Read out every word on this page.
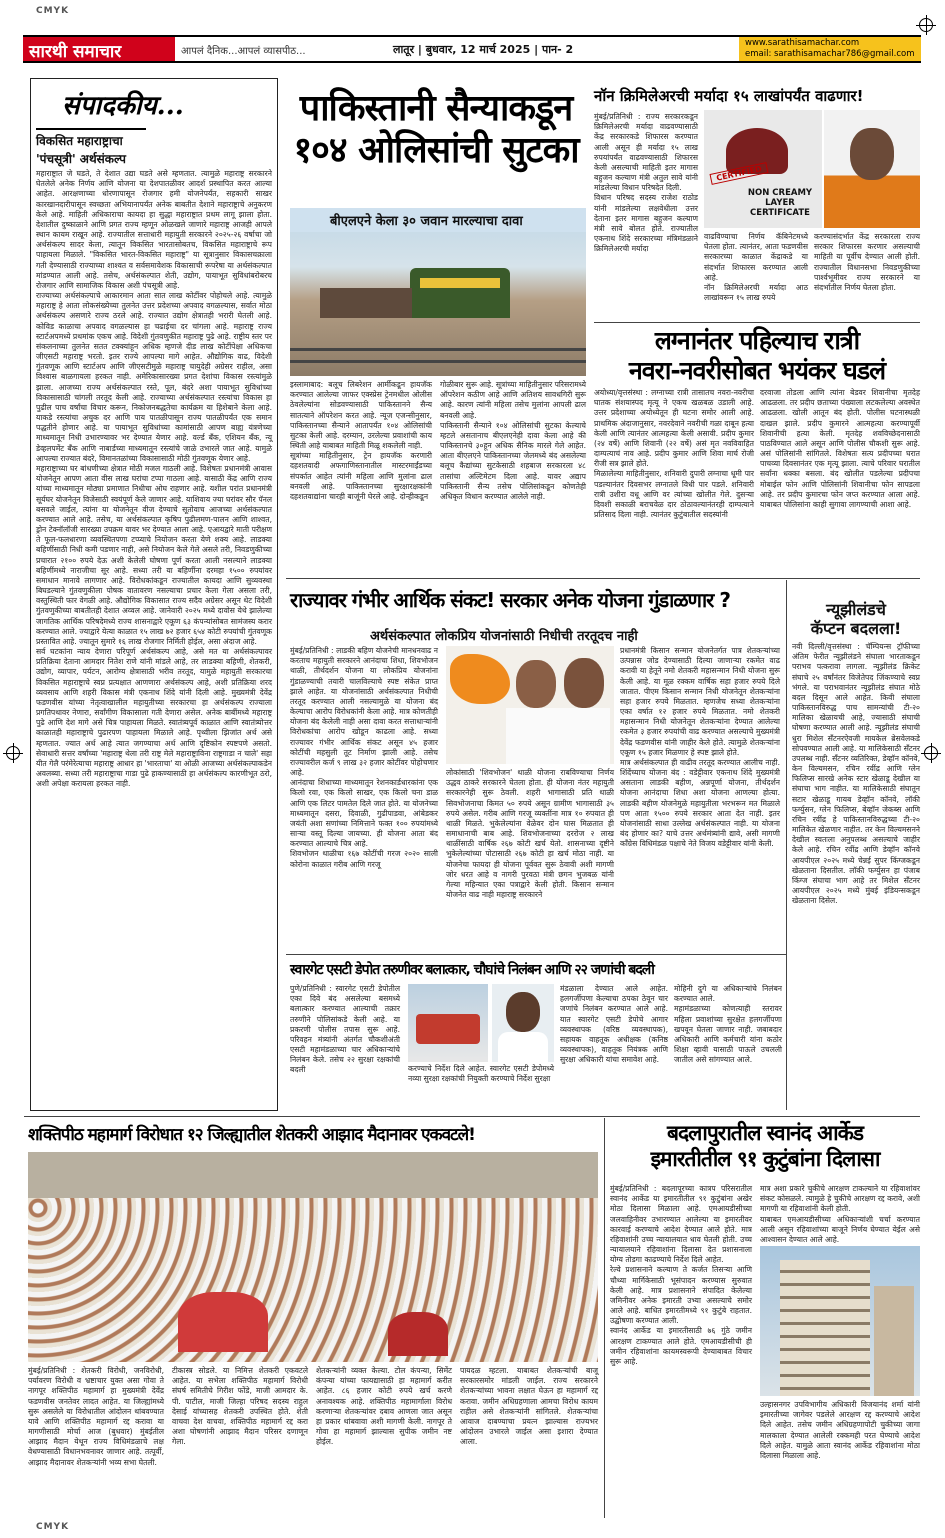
CMYK
CMYK
सारथी समाचार	आपलं दैनिक...आपलं व्यासपीठ...	लातूर | बुधवार, 12 मार्च 2025 | पान- 2	www.sarathisamachar.com
email: sarathisamachar786@gmail.com
संपादकीय...
विकसित महाराष्ट्राचा
'पंचसूत्री' अर्थसंकल्प
महाराष्ट्रात जे घडते, ते देशात उद्या घडते असे म्हणतात. त्यामुळे महाराष्ट्र सरकारने घेतलेले अनेक निर्णय आणि योजना या देशपातळीवर आदर्श प्रस्थापित करत आल्या आहेत. आरक्षणाच्या धोरणापासून रोजगार हमी योजनेपर्यंत, सहकारी साखर कारखानदारीपासून स्वच्छता अभियानापर्यंत अनेक बाबतीत देशाने महाराष्ट्राचे अनुकरण केले आहे. माहिती अधिकाराचा कायदा हा सुद्धा महाराष्ट्रात प्रथम लागू झाला होता. देशातील दुष्काळाने आणि प्रगत राज्य म्हणून ओळखले जाणारे महाराष्ट्र आजही आपले स्थान कायम राखून आहे. राज्यातील सत्ताधारी महायुती सरकारने २०२५-२६ वर्षाचा जो अर्थसंकल्प सादर केला, त्यातून विकसित भारतासोबतच, विकसित महाराष्ट्राचे रूप पाहायला मिळाले. "विकसित भारत-विकसित महाराष्ट्र" या सूत्रानुसार विकासचक्राला गती देण्यासाठी राज्याच्या शाश्वत व सर्वसमावेशक विकासाची रूपरेषा या अर्थसंकल्पात मांडण्यात आली आहे. तसेच, अर्थसंकल्पात शेती, उद्योग, पायाभूत सुविधांबरोबरच रोजगार आणि सामाजिक विकास अशी पंचसूत्री आहे.
राज्याच्या अर्थसंकल्पाचे आकारमान आता सात लाख कोटींवर पोहोचले आहे. त्यामुळे महाराष्ट्र हे आता लोकसंख्येच्या तुलनेत उत्तर प्रदेशच्या अपवाद वगळल्यास, सर्वात मोठा अर्थसंकल्प असणारे राज्य ठरले आहे. राज्यात उद्योग क्षेत्रातही भरारी घेतली आहे. कोविड काळाचा अपवाद वगळल्यास हा चढाईचा दर चांगला आहे. महाराष्ट्र राज्य स्टार्टअपमध्ये प्रथमांक एकच आहे. विदेशी गुंतवणुकीत महाराष्ट्र पुढे आहे. राष्ट्रीय स्तर पर संकलनाच्या तुलनेत सतत टक्क्यांहून अधिक म्हणजे दीड लाख कोटींपेक्षा अधिकचा जीएसटी महाराष्ट्र भरतो. इतर राज्ये आपल्या मागे आहेत. औद्योगिक वाढ, विदेशी गुंतवणूक आणि स्टार्टअप आणि जीएसटीमुळे महाराष्ट्र चायुदेही अग्रेसर राहील, असा विश्वास बाळगायला हरकत नाही. अमेरिकासारख्या प्रगत देशांचा विकास रस्त्यांमुळे झाला. आजच्या राज्य अर्थसंकल्पात रस्ते, पूल, बंदरे अशा पायाभूत सुविधांच्या विकासासाठी चांगली तरतूद केली आहे. राज्याच्या अर्थसंकल्पात रस्त्यांचा विकास हा पुढील पाच वर्षांचा विचार करून, निकोजनबद्धतेचा कार्यक्रम या हिशेबाने केला आहे. याकडे रस्त्यांचा अचुक दर आणि पाय पातळीपासून राज्य पातळीपर्यंत एक समान पद्धतीने होणार आहे. या पायाभूत सुविधांच्या कामांसाठी आपण बाह्य यंत्रणेच्या माध्यमातून निधी उभारण्यावर भर देण्यात येणार आहे. वर्ल्ड बँक, एशियन बँक, न्यू डेव्हलपमेंट बँक आणि नाबार्डच्या माध्यमातून रस्त्यांचे जाळे उभारले जात आहे. यामुळे आपल्या राज्यात बंदरे, विमानतळांच्या विकासासाठी मोठी गुंतवणूक येणार आहे.
महाराष्ट्राच्या घर बांधणीच्या क्षेत्रात मोठी मजल गाठली आहे. विशेषतः प्रधानमंत्री आवास योजनेतून आपण आता वीस लाख घरांचा टप्पा गाठला आहे. यासाठी केंद्र आणि राज्य यांच्या माध्यमातून मोठ्या प्रमाणात निधीचा ओघ राहणार आहे. यशील परांत प्रधानमंत्री सूर्यघर योजनेतून विजेसाठी स्वयंपूर्ण केले जाणार आहे. याशिवाय ज्या घरांवर सौर पॅनल बसवले जाईल, त्यांना या योजनेतून वीज देण्याचे सूतोवाच आजच्या अर्थसंकल्पात करण्यात आले आहे. तसेच, या अर्थसंकल्पात कृषिप पुढीलमण-पालन आणि शाश्वत, ड्रोन टेक्नॉलॉजी सारख्या उपक्रम यावर भर देण्यात आला आहे. एआयद्वारे माती परीक्षण ते फूल-फलधारणा व्यवस्थितपणा टप्प्याचे नियोजन करता येणे शक्य आहे. लाडक्या बहिणींसाठी निधी कमी पडणार नाही, असे नियोजन केले गेले असले तरी, निवडणुकीच्या प्रचारात २१०० रुपये देऊ अशी केलेली घोषणा पूर्ण करता आली नसल्याने लाडक्या बहिणींमध्ये नाराजीचा सूर आहे. सध्या तरी या बहिणींना दरमहा १५०० रुपयांवर समाधान मानावे लागणार आहे. विरोधकांकडून राज्यातील कायदा आणि सुव्यवस्था बिघडल्याने गुंतवणुकीला पोषक वातावरण नसल्याचा प्रचार केला गेला असला तरी, वस्तुस्थिती फार वेगळी आहे. औद्योगिक विकासात राज्य सदैव अग्रेसर असून थेट विदेशी गुंतवणुकीच्या बाबतीतही देशात अव्वल आहे. जानेवारी २०२५ मध्ये दावोस येथे झालेल्या जागतिक आर्थिक परिषदेमध्ये राज्य शासनाद्वारे एकूण ६३ कंपन्यांसोबत सामंजस्य करार करण्यात आले. ज्याद्वारे येत्या काळात १५ लाख ७२ हजार ६५४ कोटी रुपयांची गुंतवणूक प्रस्तावित आहे. ज्यातून सुमारे १६ लाख रोजगार निर्मिती होईल, असा अंदाज आहे.
सर्व घटकांना न्याय देणारा परिपूर्ण अर्थसंकल्प आहे, असे मत या अर्थसंकल्पावर प्रतिक्रिया देताना आमदार नितेश राणे यांनी मांडले आहे, तर लाडक्या बहिणी, शेतकरी, उद्योग, व्यापार, पर्यटन, आरोग्य क्षेत्रासाठी भरीव तरतूद, यामुळे महायुती सरकारचा विकसित महाराष्ट्राचे स्वप्न प्रत्यक्षात आणणारा अर्थसंकल्प आहे, अशी प्रतिक्रिया शरद व्यवसाय आणि शहरी विकास मंत्री एकनाथ शिंदे यांनी दिली आहे. मुख्यमंत्री देवेंद्र फडणवीस यांच्या नेतृत्वाखालील महायुतीच्या सरकारचा हा अर्थसंकल्प राज्याला प्रगतिपथावर नेणारा, सर्वांगीण विकासाला गती देणारा असेल. अनेक बाबींमध्ये महाराष्ट्र पुढे आणि देश मागे असे चित्र पाहायला मिळते. स्वातंत्र्यपूर्व काळात आणि स्वातंत्र्योत्तर काळातही महाराष्ट्राचे पुढारपण पाहायला मिळाले आहे. पृथ्वीला झिजांत अर्थ असे म्हणतात. ज्यात अर्थ आहे त्यात जगण्याचा अर्थ आणि दृष्टिकोन स्पष्टपणे असतो. सेवाधारी सत्तर वर्षांच्या 'महाराष्ट्र थेला तरी राष्ट्र मेले महाराष्ट्राविना राष्ट्रगाडा न चाले' सहा यीत गेलै परंमेरेत्याचा महाराष्ट्र आधार हा 'भारताचा' या ओळी आजच्या अर्थसंकल्पाकडेन अवलब्या. सध्या तरी महाराष्ट्राचा गाडा पुढे हाकण्यासाठी हा अर्थसंकल्प कारणीभूत ठरो, अशी अपेक्षा करायला हरकत नाही.
पाकिस्तानी सैन्याकडून
१०४ ओलिसांची सुटका
बीएलएने केला ३० जवान मारल्याचा दावा
इस्लामाबाद: बलूच लिबरेशन आर्मीकडून हायजॅक करण्यात आलेल्या जाफर एक्स्प्रेस ट्रेनमधील ओलीस ठेवलेल्यांना सोडवण्यासाठी पाकिस्तानने सैन्य सातत्याने ऑपरेशन करत आहे. न्यूज एजन्सीनुसार, पाकिस्तानच्या सैन्याने आतापर्यंत १०४ ओलिसांची सुटका केली आहे. दरम्यान, उरलेल्या प्रवाशांची काय स्थिती आहे याबाबत माहिती मिळू शकलेली नाही.
सूत्रांच्या माहितीनुसार, ट्रेन हायजॅक करणारी दहशतवादी अफगाणिस्तानातील मास्टरमाईंडच्या संपर्कात आहेत त्यांनी महिला आणि मुलांना ढाल बनवली आहे. पाकिस्तानच्या सुरक्षारक्षकांनी दहशतवाद्यांना चारही बाजूंनी घेरले आहे. दोन्हीकडून
गोळीबार सुरू आहे. सूत्रांच्या माहितीनुसार परिसरामध्ये ऑपरेशन कठीण आहे आणि अतिशय सावधगिरी सुरू आहे. कारण त्यांनी महिला तसेच मुलांना आपली ढाल बनवली आहे.
पाकिस्तानी सैन्याने १०४ ओलिसांची सुटका केल्याचे म्हटले असतानाच बीएलएनेही दावा केला आहे की पाकिस्तानचे ३०हून अधिक सैनिक मारले गेले आहेत. आता बीएलएने पाकिस्तानच्या जेलमध्ये बंद असलेल्या बलूच कैद्यांच्या सुटकेसाठी शहबाज सरकारला ४८ तासांचा अल्टिमेटम दिला आहे. यावर अद्याप पाकिस्तानी सैन्य तसेच पोलिसांकडून कोणतेही अधिकृत विधान करण्यात आलेले नाही.
नॉन क्रिमिलेअरची मर्यादा १५ लाखांपर्यंत वाढणार!
मुंबई/प्रतिनिधी : राज्य सरकारकडून क्रिमिलेअरची मर्यादा वाढवण्यासाठी केंद्र सरकारकडे शिफारस करण्यात आली असून ही मर्यादा १५ लाख रुपयांपर्यंत वाढवण्यासाठी शिफारस केली असल्याची माहिती इतर मागास बहुजन कल्याण मंत्री अतुल सावे यांनी मांडलेल्या विधान परिषदेत दिली.
विधान परिषद सदस्य राजेश राठोड यांनी मांडलेल्या लक्षवेधीला उत्तर देताना इतर मागास बहुजन कल्याण मंत्री सावे बोलत होते. राज्यातील एकनाथ शिंदे सरकारच्या मंत्रिमंडळाने क्रिमिलेअरची मर्यादा
CERTIFIED
NON CREAMY
LAYER
CERTIFICATE
वाढविण्याचा निर्णय कॅबिनेटमध्ये घेतला होता. त्यानंतर, आता फडणवीस सरकारच्या काळात केंद्राकडे या संदर्भात शिफारस करण्यात आली आहे.
नॉन क्रिमिलेअरची मर्यादा आठ लाखांवरून १५ लाख रुपये
करण्यासंदर्भात केंद्र सरकारला राज्य सरकार शिफारस करणार असल्याची माहिती या पूर्वीच देण्यात आली होती. राज्यातील विधानसभा निवडणुकीच्या पार्श्वभूमीवर राज्य सरकारने या संदर्भातील निर्णय घेतला होता.
लग्नानंतर पहिल्याच रात्री
नवरा-नवरीसोबत भयंकर घडलं
अयोध्या/वृत्तसंस्था : लग्नाच्या रात्री तासातच नवरा-नवरीचा घातक संशयास्पद मृत्यू ने एकच खळबळ उडाली आहे. उत्तर प्रदेशाच्या अयोध्येतून ही घटना समोर आली आहे. प्राथमिक अंदाजानुसार, नवरदेवाने नवरीची गळा दाबून हत्या केली आणि त्यानंतर आत्महत्या केली असावी. प्रदीप कुमार (२४ वर्षे) आणि शिवानी (२२ वर्षे) असं मृत नवविवाहित दाम्पत्याचं नाव आहे. प्रदीप कुमार आणि शिवा मार्च रोजी रीजी सत्र झाले होते.
मिळालेल्या माहितीनुसार, शनिवारी दुपारी लग्नाचा धूमी पार पडल्यानंतर दिवसभर लग्नातले विधी पार पडले. शनिवारी रात्री उशीरा वधू आणि वर त्यांच्या खोलीत गेले. दुसऱ्या दिवशी सकाळी बराचवेळ दार ठोठावल्यानंतरही दाम्पत्याने प्रतिसाद दिला नाही. त्यानंतर कुटुंबातील सदस्यांनी
दरवाजा तोडला आणि त्यांना बेडवर शिवानीचा मृतदेह आढळला. तर प्रदीप छताच्या पंख्याला लटकलेल्या अवस्थेत आढळला. खोली आतून बंद होती. पोलीस घटनास्थळी दाखल झाले. प्रदीप कुमारने आत्महत्या करण्यापूर्वी शिवानीची हत्या केली. मृतदेह शवविच्छेदनासाठी पाठविण्यात आले असून आणि पोलीस चौकशी सुरू आहे. असं पोलिसांनी सांगितले. विशेषतः सत्य प्रदीपच्या घरात पाचव्या दिवसानंतर एक मृत्यू झाला. त्याचे परिवार घरातील सर्वांना धक्का बसला. बंद खोलीत पडलेल्या प्रदीपचा मोबाईल फोन आणि पोलिसांनी शिवानीचा फोन सापडला आहे. तर प्रदीप कुमारचा फोन जप्त करण्यात आला आहे. याबाबत पोलिसांना काही सुगावा लागण्याची आशा आहे.
राज्यावर गंभीर आर्थिक संकट! सरकार अनेक योजना गुंडाळणार ?
अर्थसंकल्पात लोकप्रिय योजनांसाठी निधीची तरतूदच नाही
मुंबई/प्रतिनिधी : लाडकी बहिण योजनेची मानधनवाढ न करताच महायुती सरकारने आनंदाचा शिधा, शिवभोजन थाळी, तीर्थदर्शन योजना या लोकप्रिय योजनांना गुंडाळण्याची तयारी चालविल्याचे स्पष्ट संकेत प्राप्त झाले आहेत. या योजनांसाठी अर्थसंकल्पात निधीची तरतूद करण्यात आली नसल्यामुळे या योजना बंद केल्याचा आरोप विरोधकांनी केला आहे. मात्र कोणतीही योजना बंद केलेली नाही असा दावा करत सत्ताधाऱ्यांनी विरोधकांचा आरोप खोडून काढला आहे. सध्या राज्यावर गंभीर आर्थिक संकट असून ४५ हजार कोटींची महसुली तूट निर्माण झाली आहे. तसेच राज्यावरील कर्ज ९ लाख ३२ हजार कोटींवर पोहोचणार आहे.
आनंदाचा शिधाच्या माध्यमातून रेशनकार्डधारकांना एक किलो रवा, एक किलो साखर, एक किलो चना डाळ आणि एक लिटर पामतेल दिले जात होते. या योजनेच्या माध्यमातून दसरा, दिवाळी, गुढीपाडवा, आंबेडकर जयंती अशा सणांच्या निमित्ताने फक्त १०० रुपयांमध्ये साऱ्या वस्तू दिल्या जायच्या. ही योजना आता बंद करण्यात आल्याचे चित्र आहे.
शिवभोजन थाळीचा १६७ कोटींची गरज २०२० साली कोरोना काळात गरीब आणि गरजू
लोकांसाठी 'शिवभोजन' थाळी योजना राबविण्याचा निर्णय उद्धव ठाकरे सरकारने घेतला होता. ही योजना नंतर महायुती सरकारनेही सुरू ठेवली. शहरी भागासाठी प्रति थाळी सिवभोजनाचा किमत ५० रुपये असून ग्रामीण भागासाठी ३५ रुपये असेल. गरीब आणि गरजू व्यक्तींना मात्र १० रुपयात ही थाळी मिळते. भुकेलेल्यांना वेळेवर दोन घास मिळतात ही समाधानाची बाब आहे. शिवभोजनाच्या दररोज २ लाख थाळींसाठी वार्षिक २६७ कोटी खर्च येतो. शासनाच्या दृष्टीने भुकेलेल्यांच्या पोटासाठी २६७ कोटी हा खर्च मोठा नाही. या योजनेचा फायदा ही योजना पूर्ववत सुरू ठेवावी अशी मागणी जोर धरत आहे व नागरी पुरवठा मंत्री छगन भुजबळ यांनी गेल्या महिन्यात एका पत्राद्वारे केली होती. किसान सन्मान योजनेत वाढ नाही महाराष्ट्र सरकारने
प्रधानमंत्री किसान सन्मान योजनेतर्गत पात्र शेतकऱ्यांच्या उत्पन्नास जोड देण्यासाठी दिल्या जाणाऱ्या रकमेत वाढ करावी या हेतूने नमो शेतकरी महासन्मान निधी योजना सुरू केली आहे. या मूळ रक्कम वार्षिक सहा हजार रुपये दिले जातात. पीएम किसान सन्मान निधी योजनेतून शेतकऱ्यांना सहा हजार रुपये मिळतात. म्हणजेच सध्या शेतकऱ्यांना एका वर्षात १२ हजार रुपये मिळतात. नमो शेतकरी महासन्मान निधी योजनेतून शेतकऱ्यांना देण्यात आलेल्या रकमेत ३ हजार रुपयांची वाढ करण्यात असल्याचे मुख्यमंत्री देवेंद्र फडणवीस यांनी जाहीर केले होते. त्यामुळे शेतकऱ्यांना एकूण १५ हजार मिळणार हे स्पष्ट झाले होते.
मात्र अर्थसंकल्पात ही वाढीव तरतूद करण्यात आलीच नाही. शिंदेंच्याच योजना बंद : वडेट्टीवार एकनाथ शिंदे मुख्यमंत्री असताना लाडकी बहीण, अन्नपूर्णा योजना, तीर्थदर्शन योजना आनंदाचा शिधा अशा योजना आणल्या होत्या. लाडकी बहीण योजनेमुळे महायुतीला भरभरून मत मिळाले पण आता १५०० रुपये सरकार आता देत नाही. इतर योजनांसाठी साधा उल्लेख अर्थसंकल्पात नाही. या योजना बंद होणार का? याचे उत्तर अर्थमंत्र्यांनी द्यावे, असी मागणी काँग्रेस विधिमंडळ पक्षाचे नेते विजय वडेट्टीवार यांनी केली.
न्यूझीलंडचे
कॅप्टन बदलला!
नवी दिल्ली/वृत्तसंस्था : चॅम्पियन्स ट्रॉफीच्या अंतिम फेरीत न्यूझीलंडने संघाला भारताकडून पराभव पत्करावा लागला. न्यूझीलंड क्रिकेट संघाचे २५ वर्षांनंतर विजेतेपद जिंकण्याचे स्वप्न भंगले. या पराभवानंतर न्यूझीलंड संघात मोठे बदल दिसून आले आहेत. किवी संघाला पाकिस्तानविरुद्ध पाच सामन्यांची टी-२० मालिका खेळायची आहे, ज्यासाठी संघाची घोषणा करण्यात आली आहे. न्यूझीलंड संघाची धुरा मिशेल सँटनरऐवजी मायकेल ब्रेसवेलकडे सोपवण्यात आली आहे. या मालिकेसाठी सँटनर उपलब्ध नाही. सँटनर व्यतिरिक्त, डेव्हॉन कॉनवे, केन विल्यमसन, रचिन रवींद्र आणि ग्लेन फिलिप्स सारखे अनेक स्टार खेळाडू देखील या संघाचा भाग नाहीत. या मालिकेसाठी संघातून सटार खेळाडू गायब डेव्हॉन कॉनवे, लॉकी फर्ग्युसन, ग्लेन फिलिप्स, बेव्हॉन जेकब्स आणि रचिन रवींद्र हे पाकिस्तानविरुद्धच्या टी-२० मालिकेत खेळणार नाहीत. तर केन विल्यमसनने देखील स्वतःला अनुपलब्ध असल्याचे जाहीर केले आहे. रचिन रवींद्र आणि डेव्हॉन कॉनवे आयपीएल २०२५ मध्ये चेन्नई सुपर किंग्जकडून खेळताना दिसतील. लॉकी फर्ग्युसन हा पंजाब किंग्ज संघाचा भाग आहे तर मिशेल सँटनर आयपीएल २०२५ मध्ये मुंबई इंडियन्सकडून खेळताना दिसेल.
स्वारगेट एसटी डेपोत तरुणीवर बलात्कार, चौघांचे निलंबन आणि २२ जणांची बदली
पुणे/प्रतिनिधी : स्वारगेट एसटी डेपोतील एका दिवे बंद असलेल्या बसमध्ये बलात्कार करण्यात आल्याची तक्रार तरुणीने पोलिसांकडे केली आहे. या प्रकरणी पोलीस तपास सुरू आहे. परिवहन मंत्र्यांनी अंतर्गत चौकशीअंती एसटी महामंडळाच्या चार अधिकाऱ्यांचे निलंबन केले. तसेच २२ सुरक्षा रक्षकांची बदली	करण्याचे निर्देश दिले आहेत. स्वारगेट एसटी डेपोमध्ये नव्या सुरक्षा रक्षकांची नियुक्ती करण्याचे निर्देश सुरक्षा
मंडळाला देण्यात आले आहेत. हलगर्जीपणा केल्याचा ठपका ठेवून चार जणांचे निलंबन करण्यात आले आहे. यात स्वारगेट एसटी डेपोचे आगार व्यवस्थापक (वरिष्ठ व्यवस्थापक), सहायक वाहतूक अधीक्षक (कनिष्ठ व्यवस्थापक), वाहतूक नियंत्रक आणि सुरक्षा अधिकारी यांचा समावेश आहे.
मोहिनी दुगे या अधिकाऱ्यांचे निलंबन करण्यात आले.
महामंडळाच्या कोणत्याही स्तरावर महिला प्रवाशांच्या सुरक्षेत हलगर्जीपणा खपवून घेतला जाणार नाही. जबाबदार अधिकारी आणि कर्मचारी यांना कठोर शिक्षा व्हावी यासाठी पाऊले उचलली जातील असे सांगण्यात आले.
शक्तिपीठ महामार्ग विरोधात १२ जिल्ह्यातील शेतकरी आझाद मैदानावर एकवटले!
मुंबई/प्रतिनिधी : शेतकरी विरोधी, जनविरोधी, पर्यावरण विरोधी व भ्रष्टाचार युक्त असा गोवा ते नागपूर शक्तिपीठ महामार्ग हा मुख्यमंत्री देवेंद्र फडणवीस जनतेवर लादत आहेत. या जिल्ह्यांमध्ये सुरू असलेले या विरोधातील आंदोलन थांबवण्यात यावे आणि शक्तिपीठ महामार्ग रद्द करावा या मागणीसाठी मोर्चा आज (बुधवार) मुंबईतील आझाद मैदान येथून राज्य विधिमंडळाचे लक्ष वेधण्यासाठी विधानभवनावर जाणार आहे. तत्पूर्वी, आझाद मैदानावर शेतकऱ्यांनी भव्य सभा घेतली.
टीकास्त्र सोडले. या निमित्त शेतकरी एकवटले आहेत. या सभेला शक्तिपीठ महामार्ग विरोधी संघर्ष समितीचे गिरीश फोंडे, माजी आमदार के. पी. पाटील, माजी जिल्हा परिषद सदस्य राहुल देसाई यांच्यासह शेतकरी उपस्थित होते. शेती वाचवा देश वाचवा, शक्तिपीठ महामार्ग रद्द करा अशा घोषणांनी आझाद मैदान परिसर दणाणून गेला.
शेतकऱ्यांनी व्यक्त केल्या. टोल कंपन्या, सिमेंट कंपन्या यांच्या फायद्यासाठी हा महामार्ग करीत आहेत. ८६ हजार कोटी रुपये खर्च करणे अनावश्यक आहे. शक्तिपीठ महामार्गाला विरोध करणाऱ्या शेतकऱ्यांवर दबाव आणला जात असून हा प्रकार थांबवावा अशी मागणी केली. नागपूर ते गोवा हा महामार्ग झाल्यास सुपीक जमीन नष्ट होईल.
पायदळ म्हटला. याबाबत शेतकऱ्यांची बाजू सरकारसमोर मांडली जाईल. राज्य सरकारने शेतकऱ्यांच्या भावना लक्षात घेऊन हा महामार्ग रद्द करावा. जमीन अधिग्रहणाला आमचा विरोध कायम राहील असे शेतकऱ्यांनी सांगितले. शेतकऱ्यांचा आवाज दाबण्याचा प्रयत्न झाल्यास राज्यभर आंदोलन उभारले जाईल असा इशारा देण्यात आला.
बदलापुरातील स्वानंद आर्केड
इमारतीतील ९१ कुटुंबांना दिलासा
मुंबई/प्रतिनिधी : बदलापूरच्या कात्रप परिसरातील स्वानंद आर्केड या इमारतीतील ९१ कुटुंबांना अखेर मोठा दिलासा मिळाला आहे. एमआयडीसीच्या जलवाहिनीवर उभारण्यात आलेल्या या इमारतीवर कारवाई करण्याचे आदेश देण्यात आले होते. मात्र रहिवाशांनी उच्च न्यायालयात धाव घेतली होती. उच्च न्यायालयाने रहिवाशांना दिलासा देत प्रशासनाला योग्य तोडगा काढण्याचे निर्देश दिले आहेत.
रेल्वे प्रशासनाने कल्याण ते कर्जत तिसऱ्या आणि चौथ्या मार्गिकेसाठी भूसंपादन करण्यास सुरुवात केली आहे. मात्र प्रशासनाने संपादित केलेल्या जमिनीवर अनेक इमारती उभ्या असल्याचे समोर आले आहे. बाधित इमारतीमध्ये ९१ कुटुंबे राहतात. उद्घोषणा करण्यात आली.
स्वानंद आर्केड या इमारतीसाठी ७६ गुंठे जमीन आरक्षण टाकण्यात आले होते. एमआयडीसीची ही जमीन रहिवाशांना कायमस्वरूपी देण्याबाबत विचार सुरू आहे.
मात्र अशा प्रकारे चुकीचे आरक्षण टाकल्याने या रहिवाशांवर संकट कोसळले. त्यामुळे हे चुकीचे आरक्षण रद्द करावे, अशी मागणी या रहिवाशांनी केली होती.
याबाबत एमआयडीसीच्या अधिकाऱ्यांशी चर्चा करण्यात आली असून रहिवाशांच्या बाजूने निर्णय घेण्यात येईल असे आश्वासन देण्यात आले आहे.
उल्हासनगर उपविभागीय अधिकारी विजयानंद शर्मा यांनी इमारतीच्या जागेवर पडलेले आरक्षण रद्द करण्याचे आदेश दिले आहेत. तसेच जमीन अधिग्रहणापोटी चुकीच्या जागा मालकाला देण्यात आलेली रक्कमही परत घेण्याचे आदेश दिले आहेत. यामुळे आता स्वानंद आर्केड रहिवाशांना मोठा दिलासा मिळाला आहे.
